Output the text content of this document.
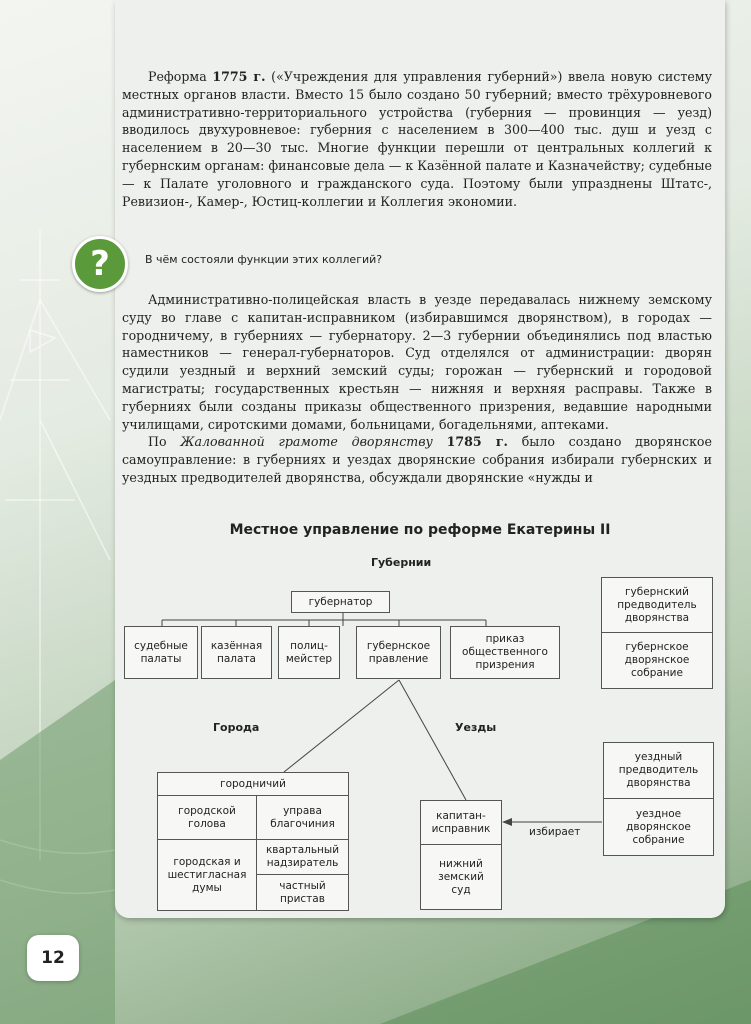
Реформа 1775 г. («Учреждения для управления губерний») ввела новую систему местных органов власти. Вместо 15 было создано 50 губерний; вместо трёхуровневого административно-территориального устройства (губерния — провинция — уезд) вводилось двухуровневое: губерния с населением в 300—400 тыс. душ и уезд с населением в 20—30 тыс. Многие функции перешли от центральных коллегий к губернским органам: финансовые дела — к Казённой палате и Казначейству; судебные — к Палате уголовного и гражданского суда. Поэтому были упразднены Штатс-, Ревизион-, Камер-, Юстиц-коллегии и Коллегия экономии.

?	В чём состояли функции этих коллегий?

Административно-полицейская власть в уезде передавалась нижнему земскому суду во главе с капитан-исправником (избиравшимся дворянством), в городах — городничему, в губерниях — губернатору. 2—3 губернии объединялись под властью наместников — генерал-губернаторов. Суд отделялся от администрации: дворян судили уездный и верхний земский суды; горожан — губернский и городовой магистраты; государственных крестьян — нижняя и верхняя расправы. Также в губерниях были созданы приказы общественного призрения, ведавшие народными училищами, сиротскими домами, больницами, богадельнями, аптеками.

По Жалованной грамоте дворянству 1785 г. было создано дворянское самоуправление: в губерниях и уездах дворянские собрания избирали губернских и уездных предводителей дворянства, обсуждали дворянские «нужды и

Местное управление по реформе Екатерины II
Губернии
губернатор
судебные
палаты
казённая
палата
полиц-
мейстер
губернское
правление
приказ
общественного
призрения
губернский
предводитель
дворянства
губернское
дворянское
собрание
Города	Уезды
городничий
городской
голова
городская и
шестигласная
думы
управа
благочиния
квартальный
надзиратель
частный
пристав
капитан-
исправник
нижний
земский
суд
избирает
уездный
предводитель
дворянства
уездное
дворянское
собрание
12
